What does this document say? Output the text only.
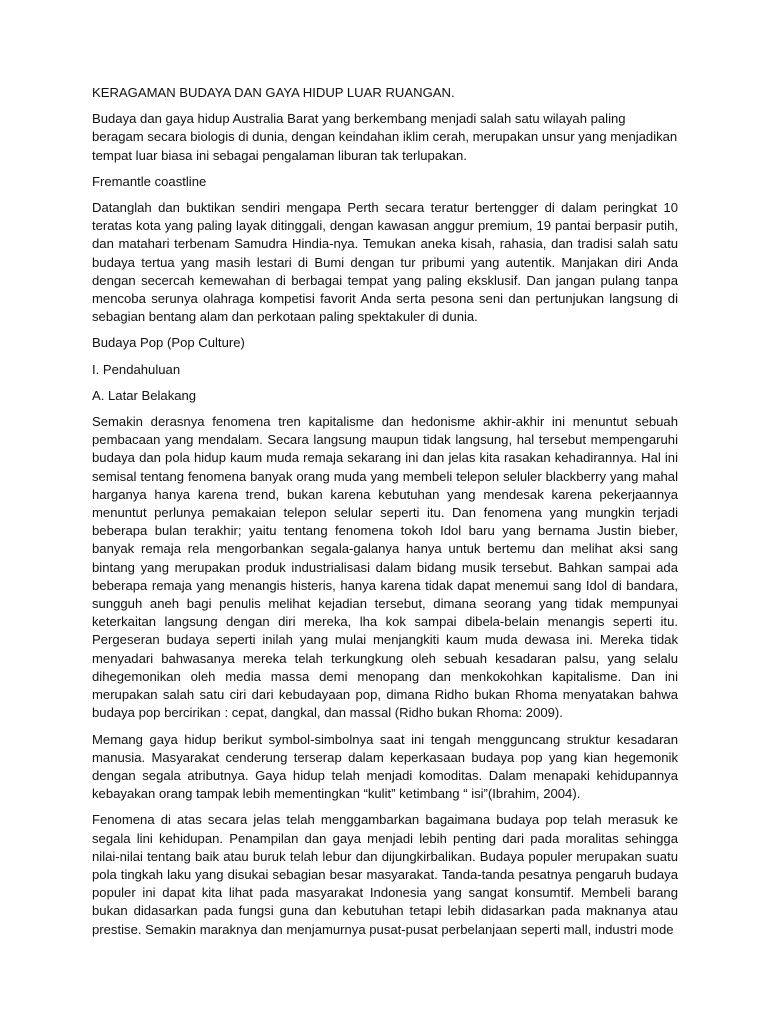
KERAGAMAN BUDAYA DAN GAYA HIDUP LUAR RUANGAN.

Budaya dan gaya hidup Australia Barat yang berkembang menjadi salah satu wilayah paling beragam secara biologis di dunia, dengan keindahan iklim cerah, merupakan unsur yang menjadikan tempat luar biasa ini sebagai pengalaman liburan tak terlupakan.

Fremantle coastline

Datanglah dan buktikan sendiri mengapa Perth secara teratur bertengger di dalam peringkat 10 teratas kota yang paling layak ditinggali, dengan kawasan anggur premium, 19 pantai berpasir putih, dan matahari terbenam Samudra Hindia-nya. Temukan aneka kisah, rahasia, dan tradisi salah satu budaya tertua yang masih lestari di Bumi dengan tur pribumi yang autentik. Manjakan diri Anda dengan secercah kemewahan di berbagai tempat yang paling eksklusif. Dan jangan pulang tanpa mencoba serunya olahraga kompetisi favorit Anda serta pesona seni dan pertunjukan langsung di sebagian bentang alam dan perkotaan paling spektakuler di dunia.

Budaya Pop (Pop Culture)

I. Pendahuluan

A. Latar Belakang

Semakin derasnya fenomena tren kapitalisme dan hedonisme akhir-akhir ini menuntut sebuah pembacaan yang mendalam. Secara langsung maupun tidak langsung, hal tersebut mempengaruhi budaya dan pola hidup kaum muda remaja sekarang ini dan jelas kita rasakan kehadirannya. Hal ini semisal tentang fenomena banyak orang muda yang membeli telepon seluler blackberry yang mahal harganya hanya karena trend, bukan karena kebutuhan yang mendesak karena pekerjaannya menuntut perlunya pemakaian telepon selular seperti itu. Dan fenomena yang mungkin terjadi beberapa bulan terakhir; yaitu tentang fenomena tokoh Idol baru yang bernama Justin bieber, banyak remaja rela mengorbankan segala-galanya hanya untuk bertemu dan melihat aksi sang bintang yang merupakan produk industrialisasi dalam bidang musik tersebut. Bahkan sampai ada beberapa remaja yang menangis histeris, hanya karena tidak dapat menemui sang Idol di bandara, sungguh aneh bagi penulis melihat kejadian tersebut, dimana seorang yang tidak mempunyai keterkaitan langsung dengan diri mereka, lha kok sampai dibela-belain menangis seperti itu. Pergeseran budaya seperti inilah yang mulai menjangkiti kaum muda dewasa ini. Mereka tidak menyadari bahwasanya mereka telah terkungkung oleh sebuah kesadaran palsu, yang selalu dihegemonikan oleh media massa demi menopang dan menkokohkan kapitalisme. Dan ini merupakan salah satu ciri dari kebudayaan pop, dimana Ridho bukan Rhoma menyatakan bahwa budaya pop bercirikan : cepat, dangkal, dan massal (Ridho bukan Rhoma: 2009).

Memang gaya hidup berikut symbol-simbolnya saat ini tengah mengguncang struktur kesadaran manusia. Masyarakat cenderung terserap dalam keperkasaan budaya pop yang kian hegemonik dengan segala atributnya. Gaya hidup telah menjadi komoditas. Dalam menapaki kehidupannya kebayakan orang tampak lebih mementingkan “kulit” ketimbang “ isi”(Ibrahim, 2004).

Fenomena di atas secara jelas telah menggambarkan bagaimana budaya pop telah merasuk ke segala lini kehidupan. Penampilan dan gaya menjadi lebih penting dari pada moralitas sehingga nilai-nilai tentang baik atau buruk telah lebur dan dijungkirbalikan. Budaya populer merupakan suatu pola tingkah laku yang disukai sebagian besar masyarakat. Tanda-tanda pesatnya pengaruh budaya populer ini dapat kita lihat pada masyarakat Indonesia yang sangat konsumtif. Membeli barang bukan didasarkan pada fungsi guna dan kebutuhan tetapi lebih didasarkan pada maknanya atau prestise. Semakin maraknya dan menjamurnya pusat-pusat perbelanjaan seperti mall, industri mode
